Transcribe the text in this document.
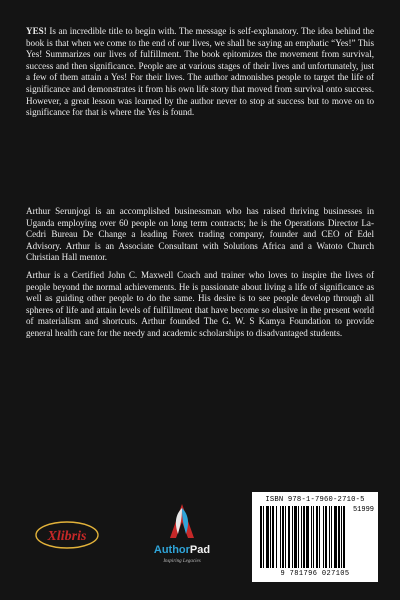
YES! Is an incredible title to begin with. The message is self-explanatory. The idea behind the book is that when we come to the end of our lives, we shall be saying an emphatic “Yes!” This Yes! Summarizes our lives of fulfillment. The book epitomizes the movement from survival, success and then significance. People are at various stages of their lives and unfortunately, just a few of them attain a Yes! For their lives. The author admonishes people to target the life of significance and demonstrates it from his own life story that moved from survival onto success. However, a great lesson was learned by the author never to stop at success but to move on to significance for that is where the Yes is found.

Arthur Serunjogi is an accomplished businessman who has raised thriving businesses in Uganda employing over 60 people on long term contracts; he is the Operations Director La-Cedri Bureau De Change a leading Forex trading company, founder and CEO of Edel Advisory. Arthur is an Associate Consultant with Solutions Africa and a Watoto Church Christian Hall mentor.

Arthur is a Certified John C. Maxwell Coach and trainer who loves to inspire the lives of people beyond the normal achievements. He is passionate about living a life of significance as well as guiding other people to do the same. His desire is to see people develop through all spheres of life and attain levels of fulfillment that have become so elusive in the present world of materialism and shortcuts. Arthur founded The G. W. S Kamya Foundation to provide general health care for the needy and academic scholarships to disadvantaged students.

Xlibris
AuthorPad
Inspiring Legacies
ISBN 978-1-7960-2710-5
51999
9 781796 027105
